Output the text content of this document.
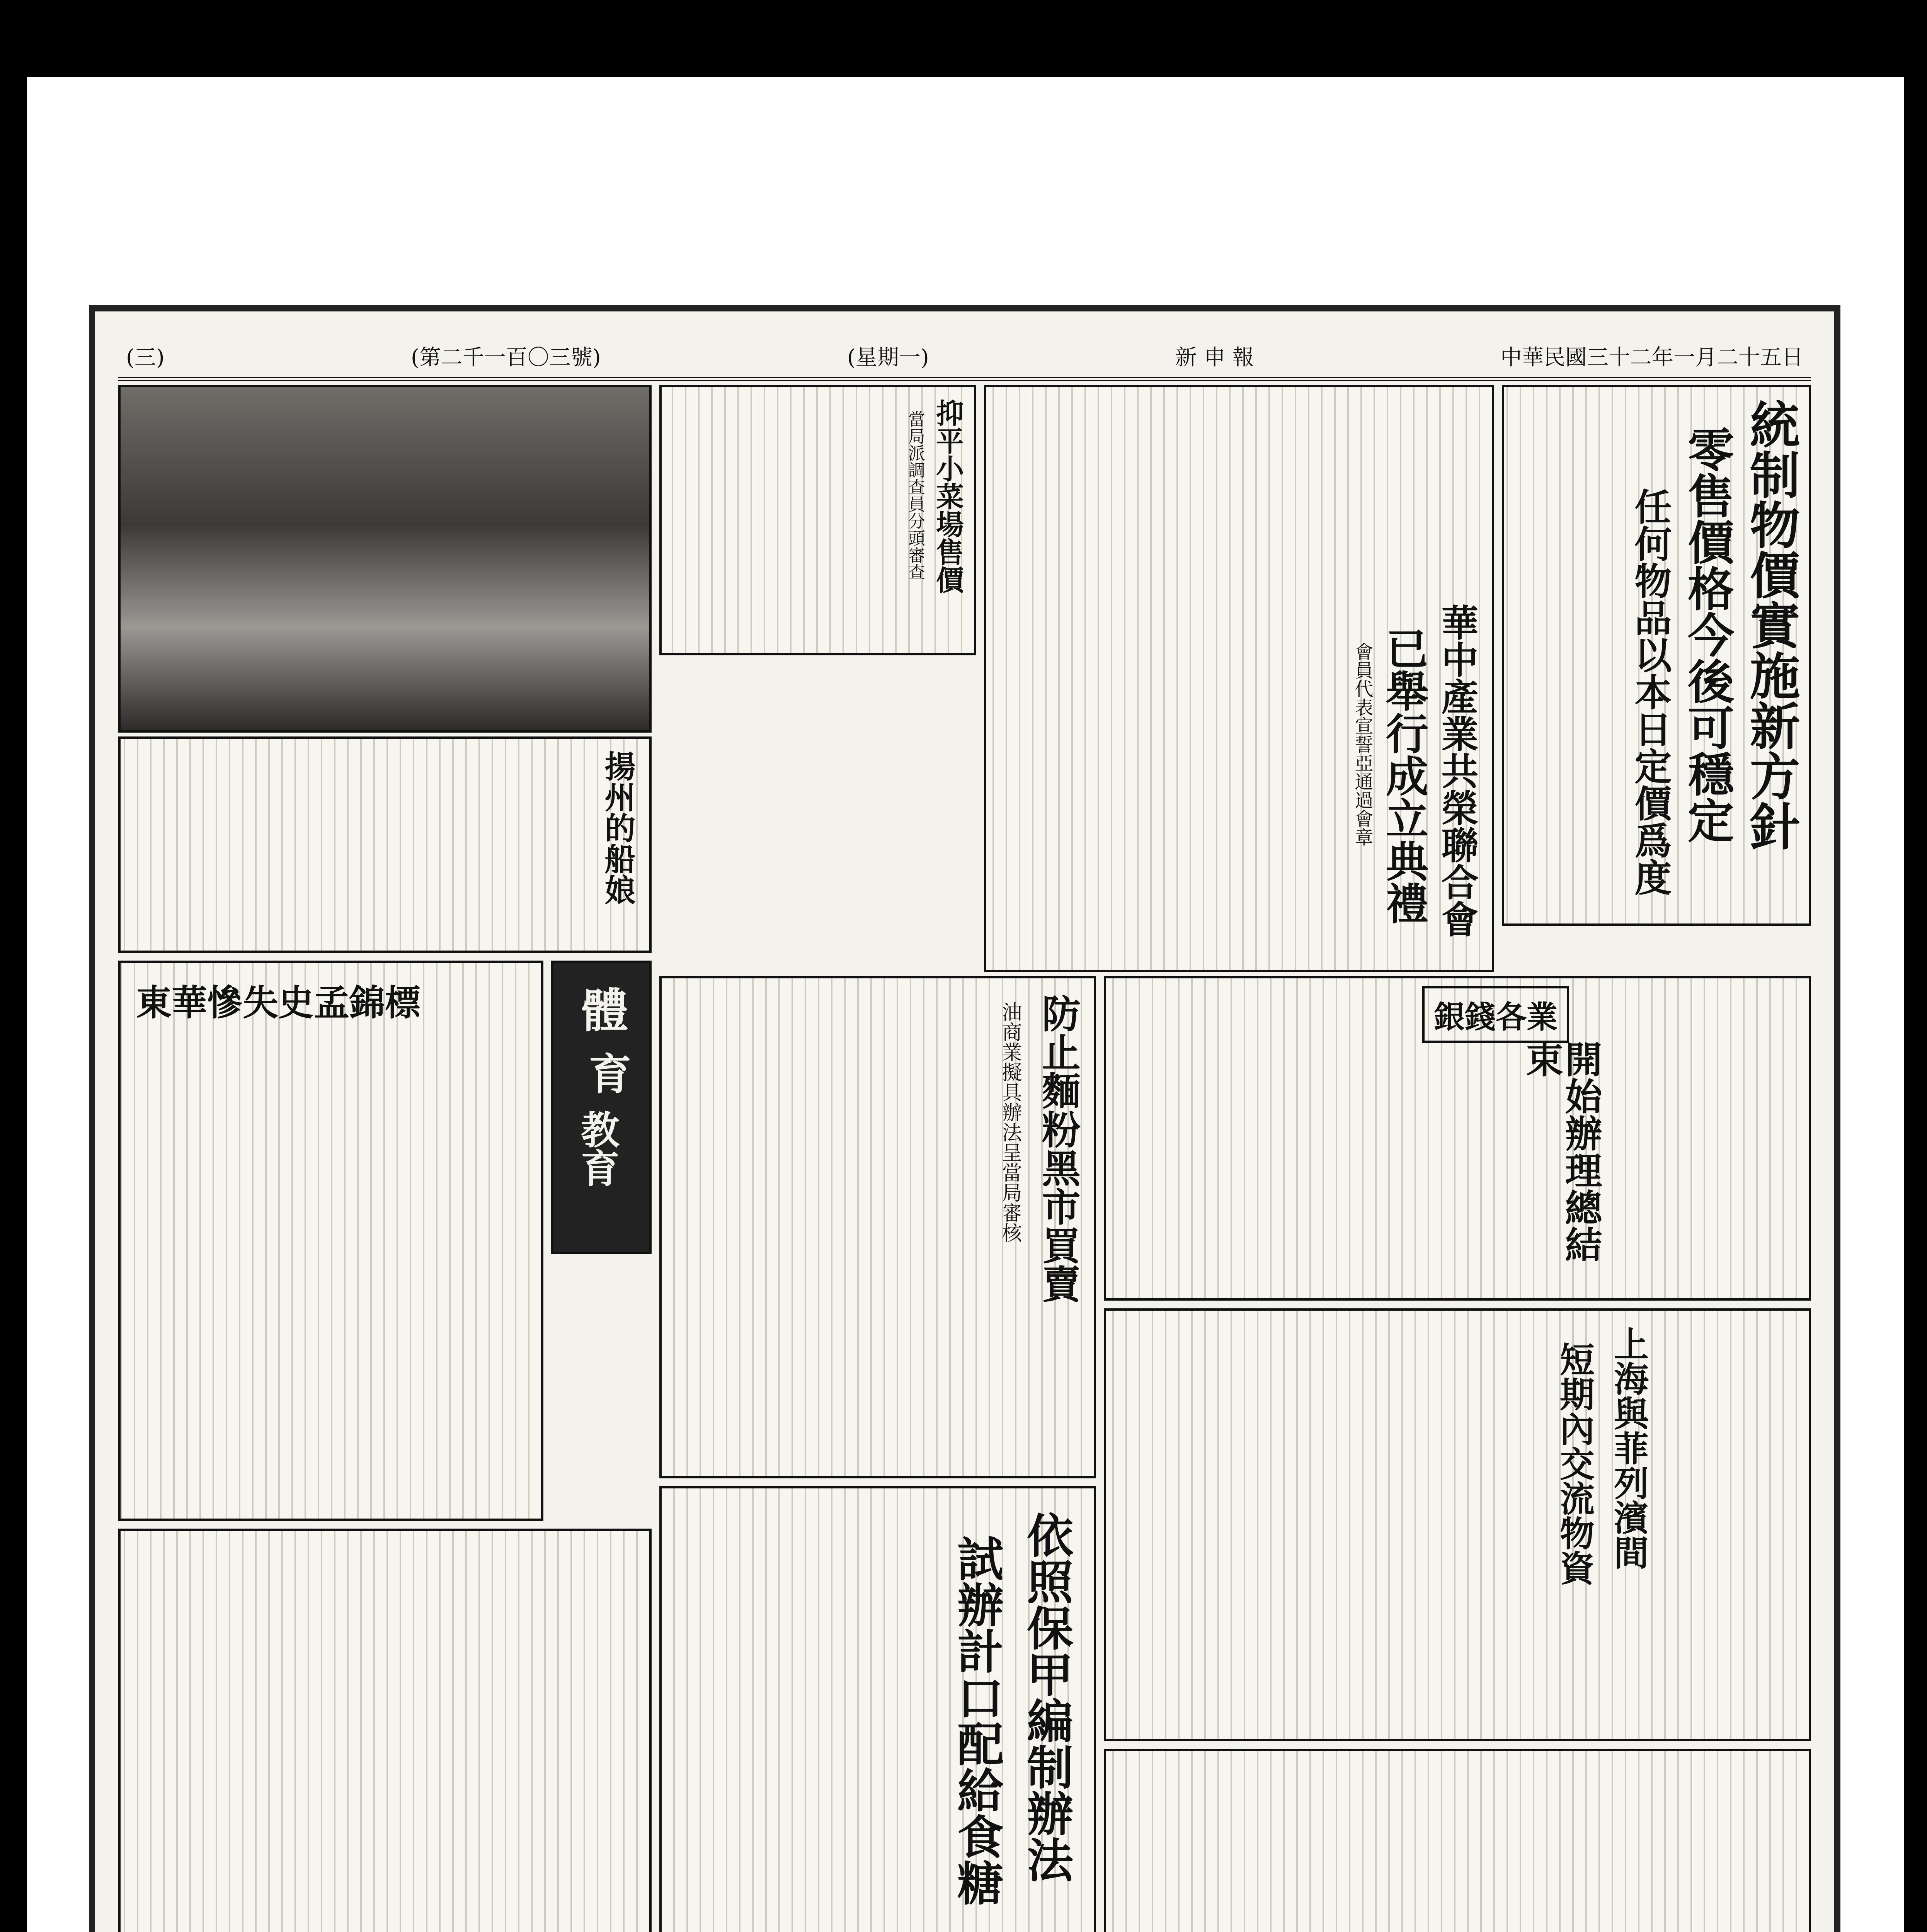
(三)	(第二千一百〇三號)	(星期一)	新 申 報	中華民國三十二年一月二十五日
揚州的船娘
抑平小菜場售價
當局派調查員分頭審查
華中產業共榮聯合會
已舉行成立典禮
會員代表宣誓亞通過會章	統制物價實施新方針
零售價格今後可穩定
任何物品以本日定價爲度
東華慘失史孟錦標	體
育
教育	防止麵粉黑市買賣
油商業擬具辦法呈當局審核	銀錢各業
開始辦理總結束
依照保甲編制辦法
試辦計口配給食糖
上海與菲列濱間
短期內交流物資
